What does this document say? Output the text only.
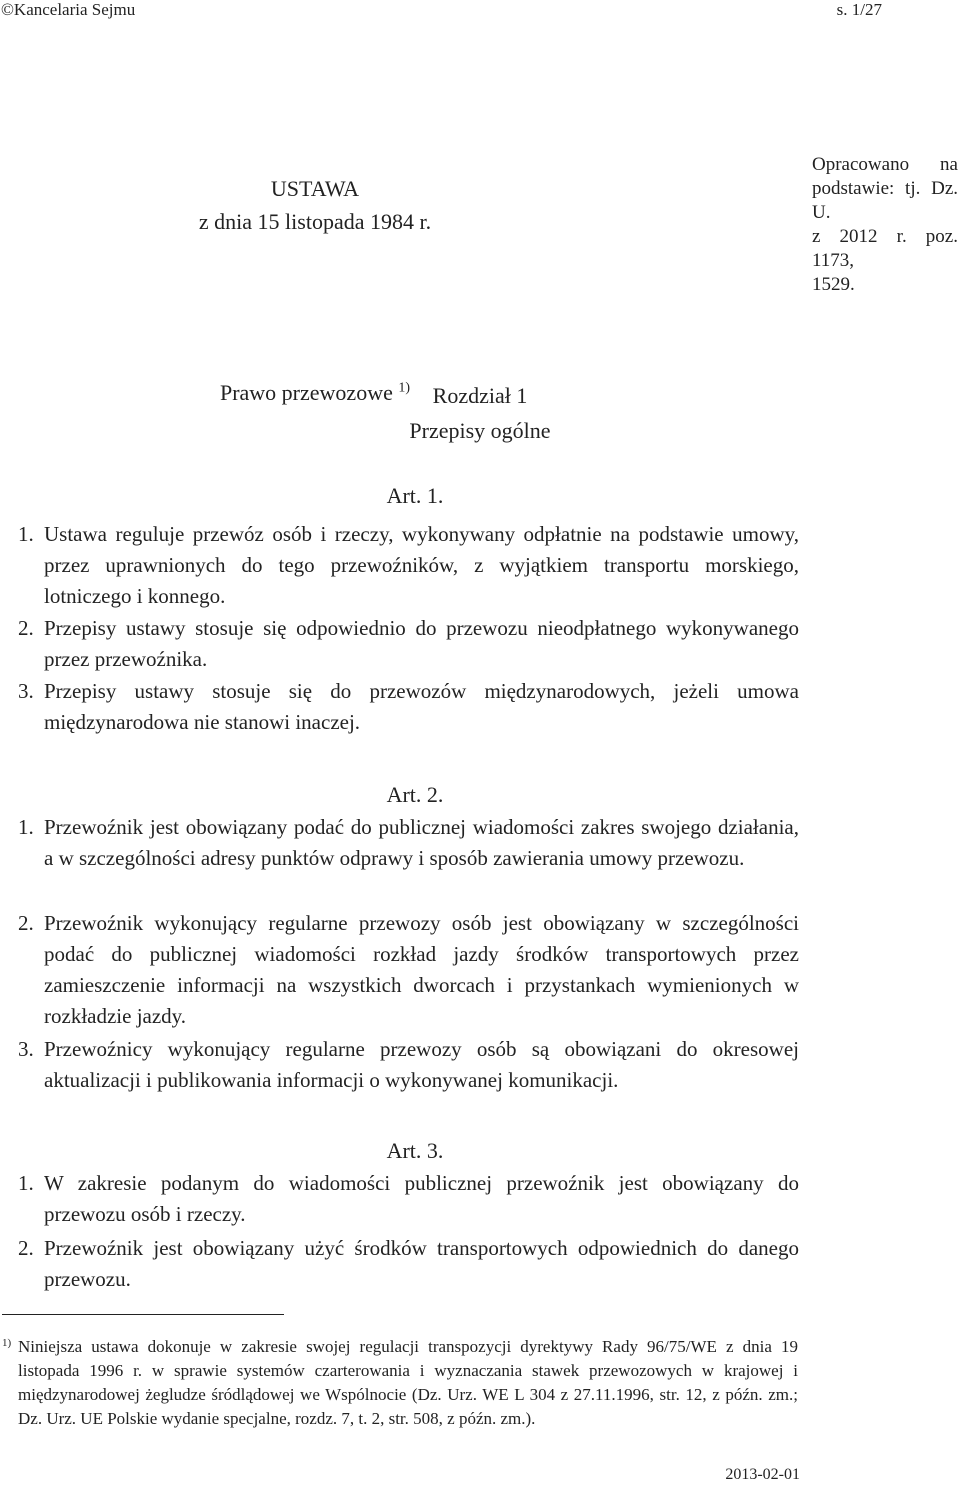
©Kancelaria Sejmu	s. 1/27
USTAWA
z dnia 15 listopada 1984 r.
Opracowano na
podstawie: tj. Dz. U.
z 2012 r. poz. 1173,
1529.
Prawo przewozowe $^{1)}$	Rozdział 1
Przepisy ogólne
Art. 1.
1. Ustawa reguluje przewóz osób i rzeczy, wykonywany odpłatnie na podstawie umowy, przez uprawnionych do tego przewoźników, z wyjątkiem transportu morskiego, lotniczego i konnego.
2. Przepisy ustawy stosuje się odpowiednio do przewozu nieodpłatnego wykonywanego przez przewoźnika.
3. Przepisy ustawy stosuje się do przewozów międzynarodowych, jeżeli umowa międzynarodowa nie stanowi inaczej.
Art. 2.
1. Przewoźnik jest obowiązany podać do publicznej wiadomości zakres swojego działania, a w szczególności adresy punktów odprawy i sposób zawierania umowy przewozu.
2. Przewoźnik wykonujący regularne przewozy osób jest obowiązany w szczególności podać do publicznej wiadomości rozkład jazdy środków transportowych przez zamieszczenie informacji na wszystkich dworcach i przystankach wymienionych w rozkładzie jazdy.
3. Przewoźnicy wykonujący regularne przewozy osób są obowiązani do okresowej aktualizacji i publikowania informacji o wykonywanej komunikacji.
Art. 3.
1. W zakresie podanym do wiadomości publicznej przewoźnik jest obowiązany do przewozu osób i rzeczy.
2. Przewoźnik jest obowiązany użyć środków transportowych odpowiednich do danego przewozu.
1) Niniejsza ustawa dokonuje w zakresie swojej regulacji transpozycji dyrektywy Rady 96/75/WE z dnia 19 listopada 1996 r. w sprawie systemów czarterowania i wyznaczania stawek przewozowych w krajowej i międzynarodowej żegludze śródlądowej we Wspólnocie (Dz. Urz. WE L 304 z 27.11.1996, str. 12, z późn. zm.; Dz. Urz. UE Polskie wydanie specjalne, rozdz. 7, t. 2, str. 508, z późn. zm.).
2013-02-01
